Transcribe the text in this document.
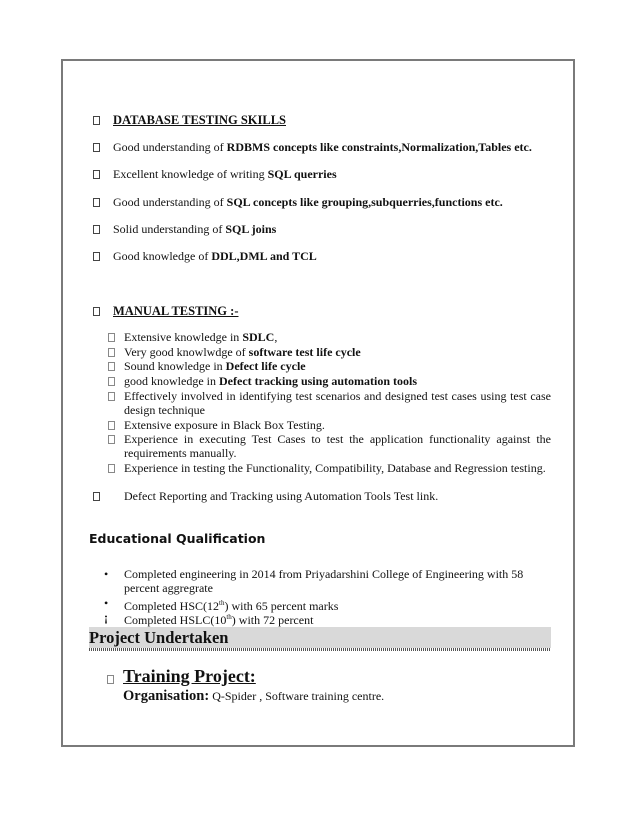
DATABASE TESTING SKILLS
Good understanding of RDBMS concepts like constraints,Normalization,Tables etc.
Excellent knowledge of writing SQL querries
Good understanding of SQL concepts like grouping,subquerries,functions etc.
Solid understanding of SQL joins
Good knowledge of DDL,DML and TCL
MANUAL TESTING :-
Extensive knowledge in SDLC,
Very good knowlwdge of software test life cycle
Sound knowledge in Defect life cycle
good knowledge in Defect tracking using automation tools
Effectively involved in identifying test scenarios and designed test cases using test case design technique
Extensive exposure in Black Box Testing.
Experience in executing Test Cases to test the application functionality against the requirements manually.
Experience in testing the Functionality, Compatibility, Database and Regression testing.
Defect Reporting and Tracking using Automation Tools Test link.
Educational Qualification
• Completed engineering in 2014 from Priyadarshini College of Engineering with 58 percent aggregrate
• Completed HSC(12th) with 65 percent marks
¡ Completed HSLC(10th) with 72 percent
Project Undertaken
Training Project:
Organisation: Q-Spider , Software training centre.
